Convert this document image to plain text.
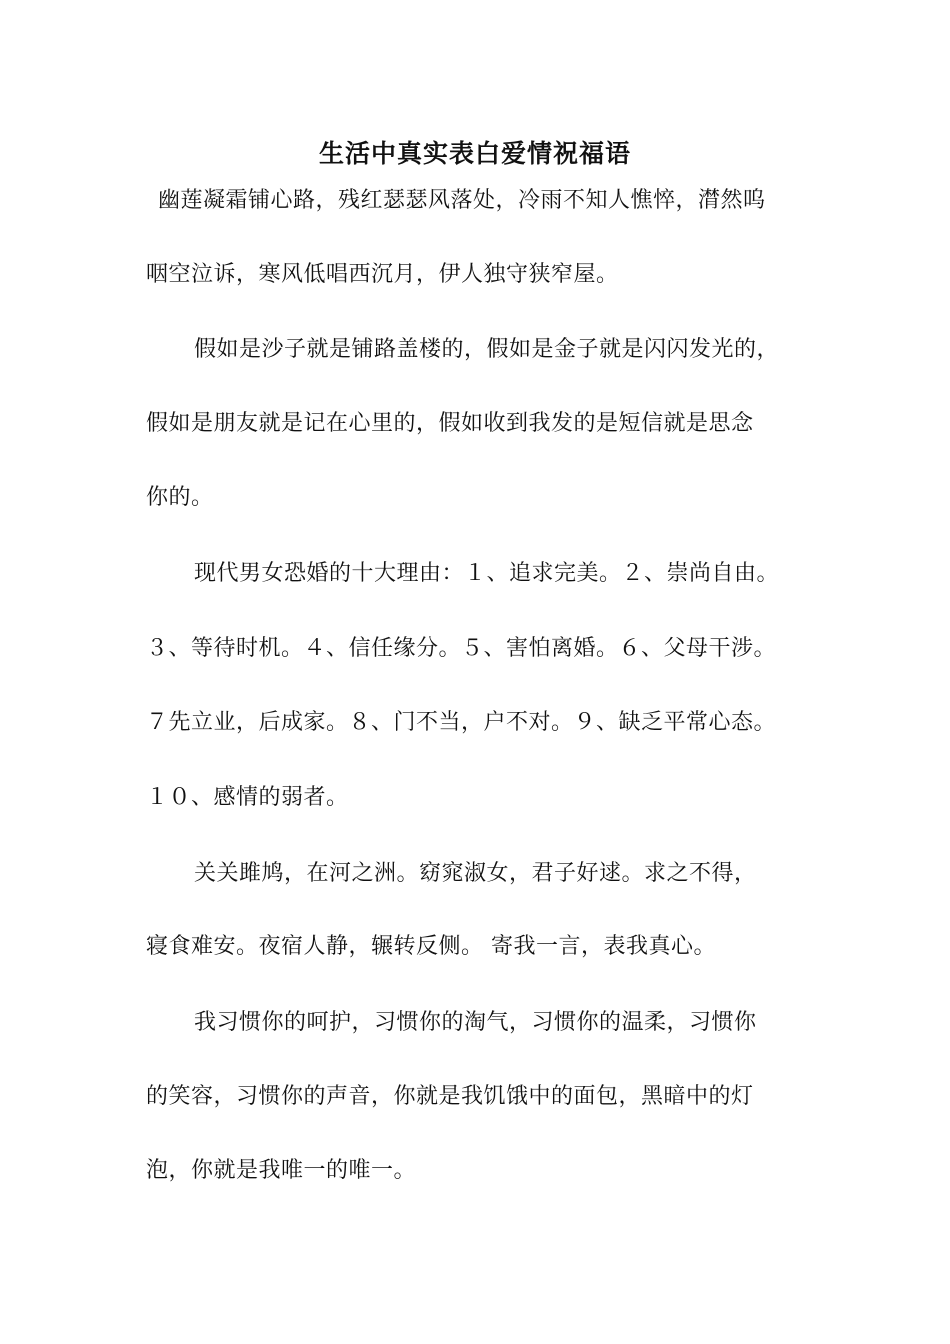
生活中真实表白爱情祝福语
幽莲凝霜铺心路，残红瑟瑟风落处，冷雨不知人憔悴，潸然呜
咽空泣诉，寒风低唱西沉月，伊人独守狭窄屋。
假如是沙子就是铺路盖楼的，假如是金子就是闪闪发光的，
假如是朋友就是记在心里的，假如收到我发的是短信就是思念
你的。
现代男女恐婚的十大理由：１、追求完美。２、崇尚自由。
３、等待时机。４、信任缘分。５、害怕离婚。６、父母干涉。
７先立业，后成家。８、门不当，户不对。９、缺乏平常心态。
１０、感情的弱者。
关关雎鸠，在河之洲。窈窕淑女，君子好逑。求之不得，
寝食难安。夜宿人静，辗转反侧。 寄我一言，表我真心。
我习惯你的呵护，习惯你的淘气，习惯你的温柔，习惯你
的笑容，习惯你的声音，你就是我饥饿中的面包，黑暗中的灯
泡，你就是我唯一的唯一。
